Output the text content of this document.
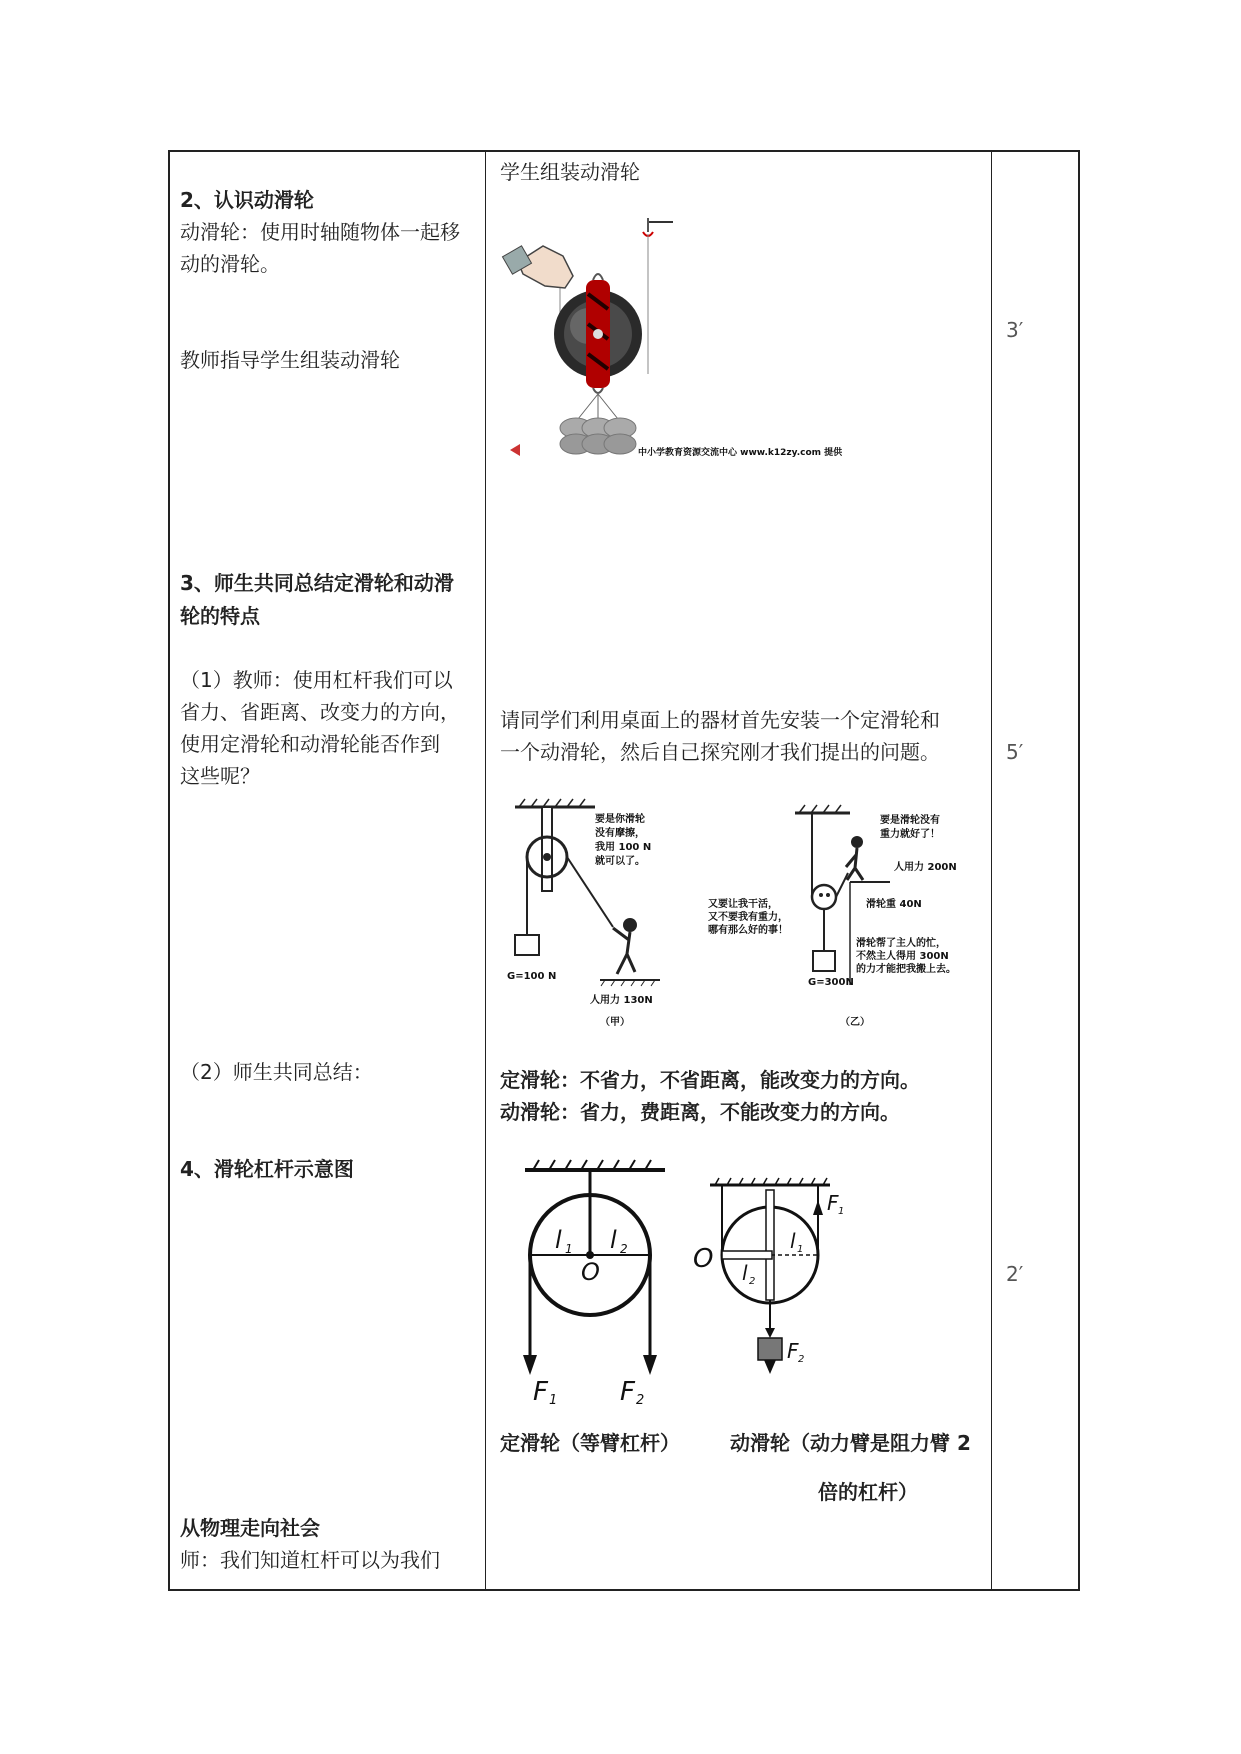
2、认识动滑轮
动滑轮：使用时轴随物体一起移
动的滑轮。
教师指导学生组装动滑轮
3、师生共同总结定滑轮和动滑
轮的特点
（1）教师：使用杠杆我们可以
省力、省距离、改变力的方向，
使用定滑轮和动滑轮能否作到
这些呢？
（2）师生共同总结：
4、滑轮杠杆示意图
从物理走向社会
师：我们知道杠杆可以为我们
学生组装动滑轮
中小学教育资源交流中心 www.k12zy.com 提供
请同学们利用桌面上的器材首先安装一个定滑轮和
一个动滑轮，然后自己探究刚才我们提出的问题。
要是你滑轮
没有摩擦，
我用 100 N
就可以了。
G=100 N
人用力 130N
（甲）
要是滑轮没有
重力就好了！
人用力 200N
滑轮重 40N
又要让我干活，
又不要我有重力，
哪有那么好的事！
滑轮帮了主人的忙，
不然主人得用 300N
的力才能把我搬上去。
G=300N
（乙）
定滑轮：不省力，不省距离，能改变力的方向。
动滑轮：省力，费距离，不能改变力的方向。
l 1 l 2
O
F 1 F 2
O
l 1
l 2
F 1
F 2
定滑轮（等臂杠杆）	动滑轮（动力臂是阻力臂 2
倍的杠杆）
3′
5′
2′
